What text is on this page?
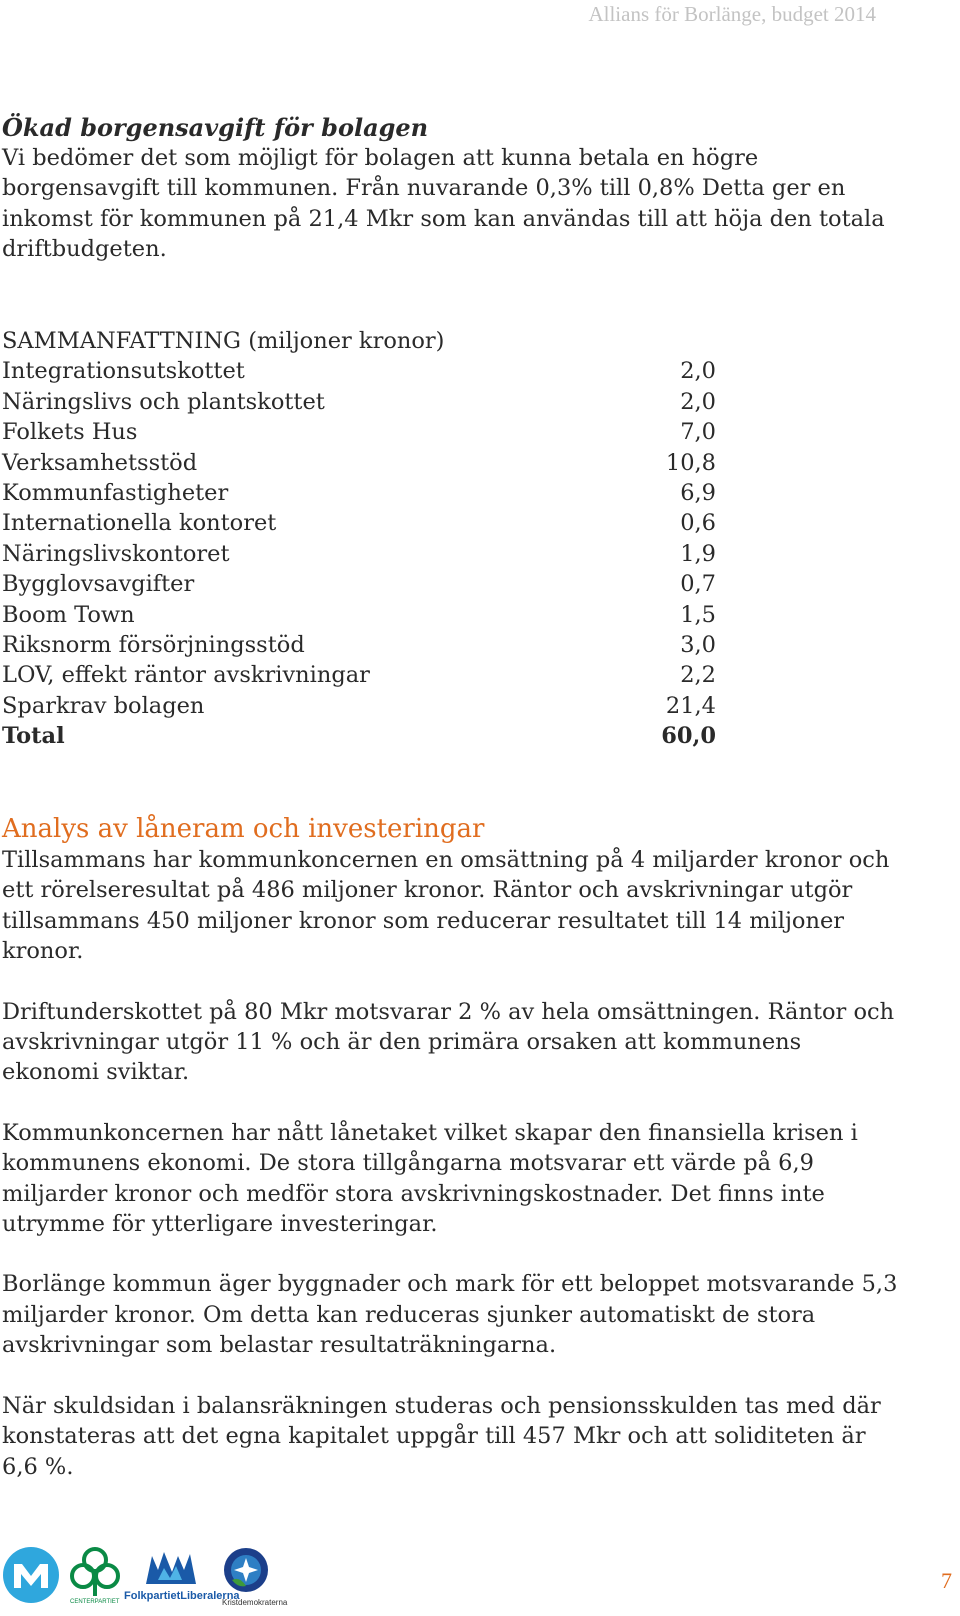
Allians för Borlänge, budget 2014

Ökad borgensavgift för bolagen

Vi bedömer det som möjligt för bolagen att kunna betala en högre borgensavgift till kommunen. Från nuvarande 0,3% till 0,8% Detta ger en inkomst för kommunen på 21,4 Mkr som kan användas till att höja den totala driftbudgeten.

SAMMANFATTNING (miljoner kronor)

Integrationsutskottet	2,0
Näringslivs och plantskottet	2,0
Folkets Hus	7,0
Verksamhetsstöd	10,8
Kommunfastigheter	6,9
Internationella kontoret	0,6
Näringslivskontoret	1,9
Bygglovsavgifter	0,7
Boom Town	1,5
Riksnorm försörjningsstöd	3,0
LOV, effekt räntor avskrivningar	2,2
Sparkrav bolagen	21,4
Total	60,0

Analys av låneram och investeringar

Tillsammans har kommunkoncernen en omsättning på 4 miljarder kronor och ett rörelseresultat på 486 miljoner kronor. Räntor och avskrivningar utgör tillsammans 450 miljoner kronor som reducerar resultatet till 14 miljoner kronor.

Driftunderskottet på 80 Mkr motsvarar 2 % av hela omsättningen. Räntor och avskrivningar utgör 11 % och är den primära orsaken att kommunens ekonomi sviktar.

Kommunkoncernen har nått lånetaket vilket skapar den finansiella krisen i kommunens ekonomi. De stora tillgångarna motsvarar ett värde på 6,9 miljarder kronor och medför stora avskrivningskostnader. Det finns inte utrymme för ytterligare investeringar.

Borlänge kommun äger byggnader och mark för ett beloppet motsvarande 5,3 miljarder kronor. Om detta kan reduceras sjunker automatiskt de stora avskrivningar som belastar resultaträkningarna.

När skuldsidan i balansräkningen studeras och pensionsskulden tas med där konstateras att det egna kapitalet uppgår till 457 Mkr och att soliditeten är 6,6 %.

CENTERPARTIET FolkpartietLiberalerna
Kristdemokraterna
7
